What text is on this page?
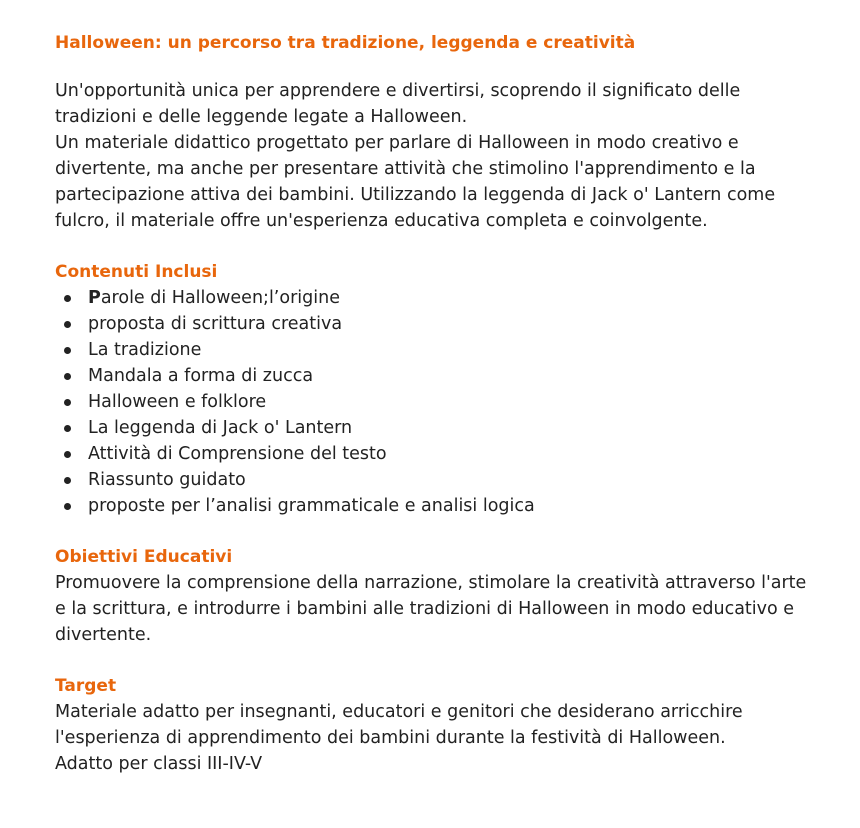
Halloween: un percorso tra tradizione, leggenda e creatività
Un'opportunità unica per apprendere e divertirsi, scoprendo il significato delle tradizioni e delle leggende legate a Halloween.
Un materiale didattico progettato per parlare di Halloween in modo creativo e divertente, ma anche per presentare attività che stimolino l'apprendimento e la partecipazione attiva dei bambini. Utilizzando la leggenda di Jack o' Lantern come fulcro, il materiale offre un'esperienza educativa completa e coinvolgente.
Contenuti Inclusi
Parole di Halloween;l’origine
proposta di scrittura creativa
La tradizione
Mandala a forma di zucca
Halloween e folklore
La leggenda di Jack o' Lantern
Attività di Comprensione del testo
Riassunto guidato
proposte per l’analisi grammaticale e analisi logica
Obiettivi Educativi

Promuovere la comprensione della narrazione, stimolare la creatività attraverso l'arte e la scrittura, e introdurre i bambini alle tradizioni di Halloween in modo educativo e divertente.

Target
Materiale adatto per insegnanti, educatori e genitori che desiderano arricchire l'esperienza di apprendimento dei bambini durante la festività di Halloween.
Adatto per classi III-IV-V
